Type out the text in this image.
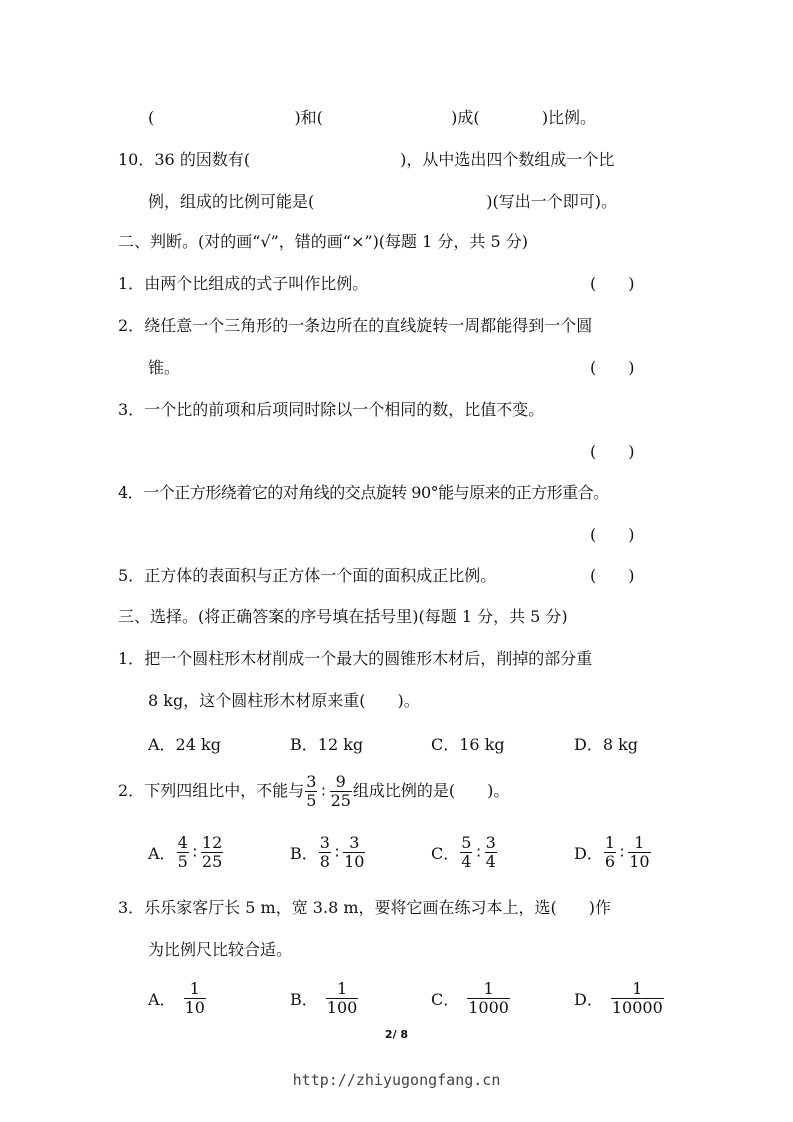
(	)和(	)成(	)比例。
10．36 的因数有(	)，从中选出四个数组成一个比
例，组成的比例可能是(	)(写出一个即可)。
二、判断。(对的画“√”，错的画“×”)(每题 1 分，共 5 分)
1．由两个比组成的式子叫作比例。	(　　)
2．绕任意一个三角形的一条边所在的直线旋转一周都能得到一个圆
锥。	(　　)
3．一个比的前项和后项同时除以一个相同的数，比值不变。
(　　)
4．一个正方形绕着它的对角线的交点旋转 90°能与原来的正方形重合。
(　　)
5．正方体的表面积与正方体一个面的面积成正比例。	(　　)
三、选择。(将正确答案的序号填在括号里)(每题 1 分，共 5 分)
1．把一个圆柱形木材削成一个最大的圆锥形木材后，削掉的部分重
8 kg，这个圆柱形木材原来重(　　)。
A．24 kg	B．12 kg	C．16 kg	D．8 kg
2．下列四组比中，不能与 $\frac{3}{5}$ ∶ $\frac{9}{25}$ 组成比例的是(　　)。
A． $\frac{4}{5}$ ∶ $\frac{12}{25}$	B． $\frac{3}{8}$ ∶ $\frac{3}{10}$	C． $\frac{5}{4}$ ∶ $\frac{3}{4}$	D． $\frac{1}{6}$ ∶ $\frac{1}{10}$
3．乐乐家客厅长 5 m，宽 3.8 m，要将它画在练习本上，选(　　)作
为比例尺比较合适。
A． $\frac{1}{10}$	B． $\frac{1}{100}$	C． $\frac{1}{1000}$	D． $\frac{1}{10000}$
2/ 8
http://zhiyugongfang.cn
